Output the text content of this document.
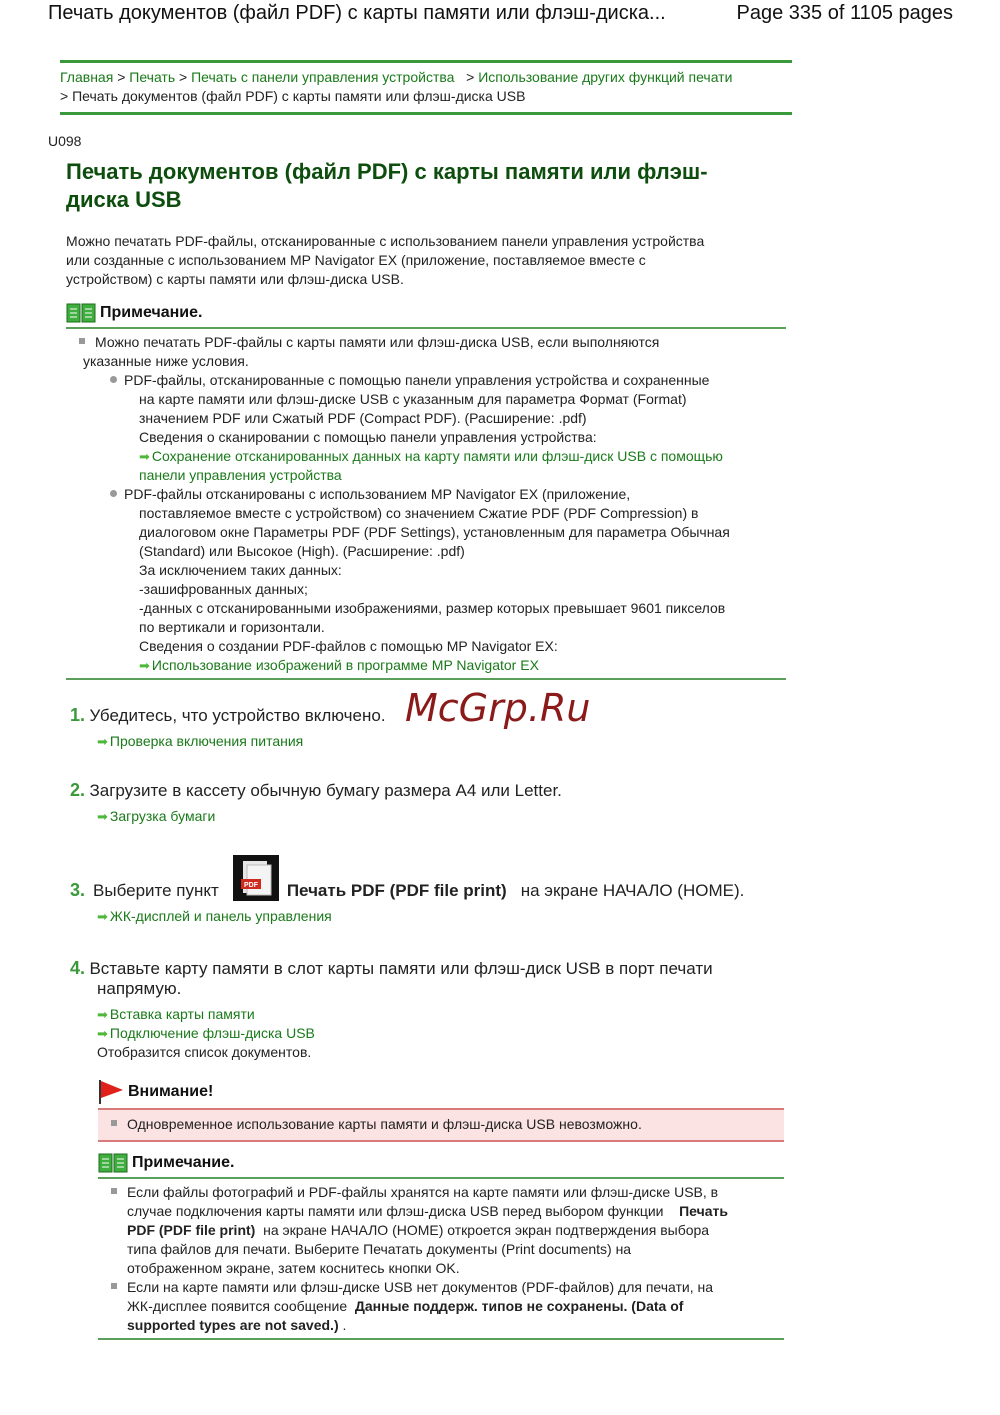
Печать документов (файл PDF) с карты памяти или флэш-диска...	Page 335 of 1105 pages
Главная > Печать > Печать с панели управления устройства > Использование других функций печати
> Печать документов (файл PDF) с карты памяти или флэш-диска USB
U098
Печать документов (файл PDF) с карты памяти или флэш-
диска USB
Можно печатать PDF-файлы, отсканированные с использованием панели управления устройства
или созданные с использованием MP Navigator EX (приложение, поставляемое вместе с
устройством) с карты памяти или флэш-диска USB.
Примечание.
Можно печатать PDF-файлы с карты памяти или флэш-диска USB, если выполняются
указанные ниже условия.
PDF-файлы, отсканированные с помощью панели управления устройства и сохраненные
на карте памяти или флэш-диске USB с указанным для параметра Формат (Format)
значением PDF или Сжатый PDF (Compact PDF). (Расширение: .pdf)
Сведения о сканировании с помощью панели управления устройства:
➡ Сохранение отсканированных данных на карту памяти или флэш-диск USB с помощью
панели управления устройства
PDF-файлы отсканированы с использованием MP Navigator EX (приложение,
поставляемое вместе с устройством) со значением Сжатие PDF (PDF Compression) в
диалоговом окне Параметры PDF (PDF Settings), установленным для параметра Обычная
(Standard) или Высокое (High). (Расширение: .pdf)
За исключением таких данных:
-зашифрованных данных;
-данных с отсканированными изображениями, размер которых превышает 9601 пикселов
по вертикали и горизонтали.
Сведения о создании PDF-файлов с помощью MP Navigator EX:
➡ Использование изображений в программе MP Navigator EX
1. Убедитесь, что устройство включено.
➡ Проверка включения питания
McGrp.Ru
2. Загрузите в кассету обычную бумагу размера A4 или Letter.
➡ Загрузка бумаги
3. Выберите пункт	PDF Печать PDF (PDF file print) на экране НАЧАЛО (HOME).
➡ ЖК-дисплей и панель управления
4. Вставьте карту памяти в слот карты памяти или флэш-диск USB в порт печати
напрямую.
➡ Вставка карты памяти
➡ Подключение флэш-диска USB
Отобразится список документов.
Внимание!
Одновременное использование карты памяти и флэш-диска USB невозможно.
Примечание.
Если файлы фотографий и PDF-файлы хранятся на карте памяти или флэш-диске USB, в
случае подключения карты памяти или флэш-диска USB перед выбором функции Печать
PDF (PDF file print) на экране НАЧАЛО (HOME) откроется экран подтверждения выбора
типа файлов для печати. Выберите Печатать документы (Print documents) на
отображенном экране, затем коснитесь кнопки OK.
Если на карте памяти или флэш-диске USB нет документов (PDF-файлов) для печати, на
ЖК-дисплее появится сообщение Данные поддерж. типов не сохранены. (Data of
supported types are not saved.) .
